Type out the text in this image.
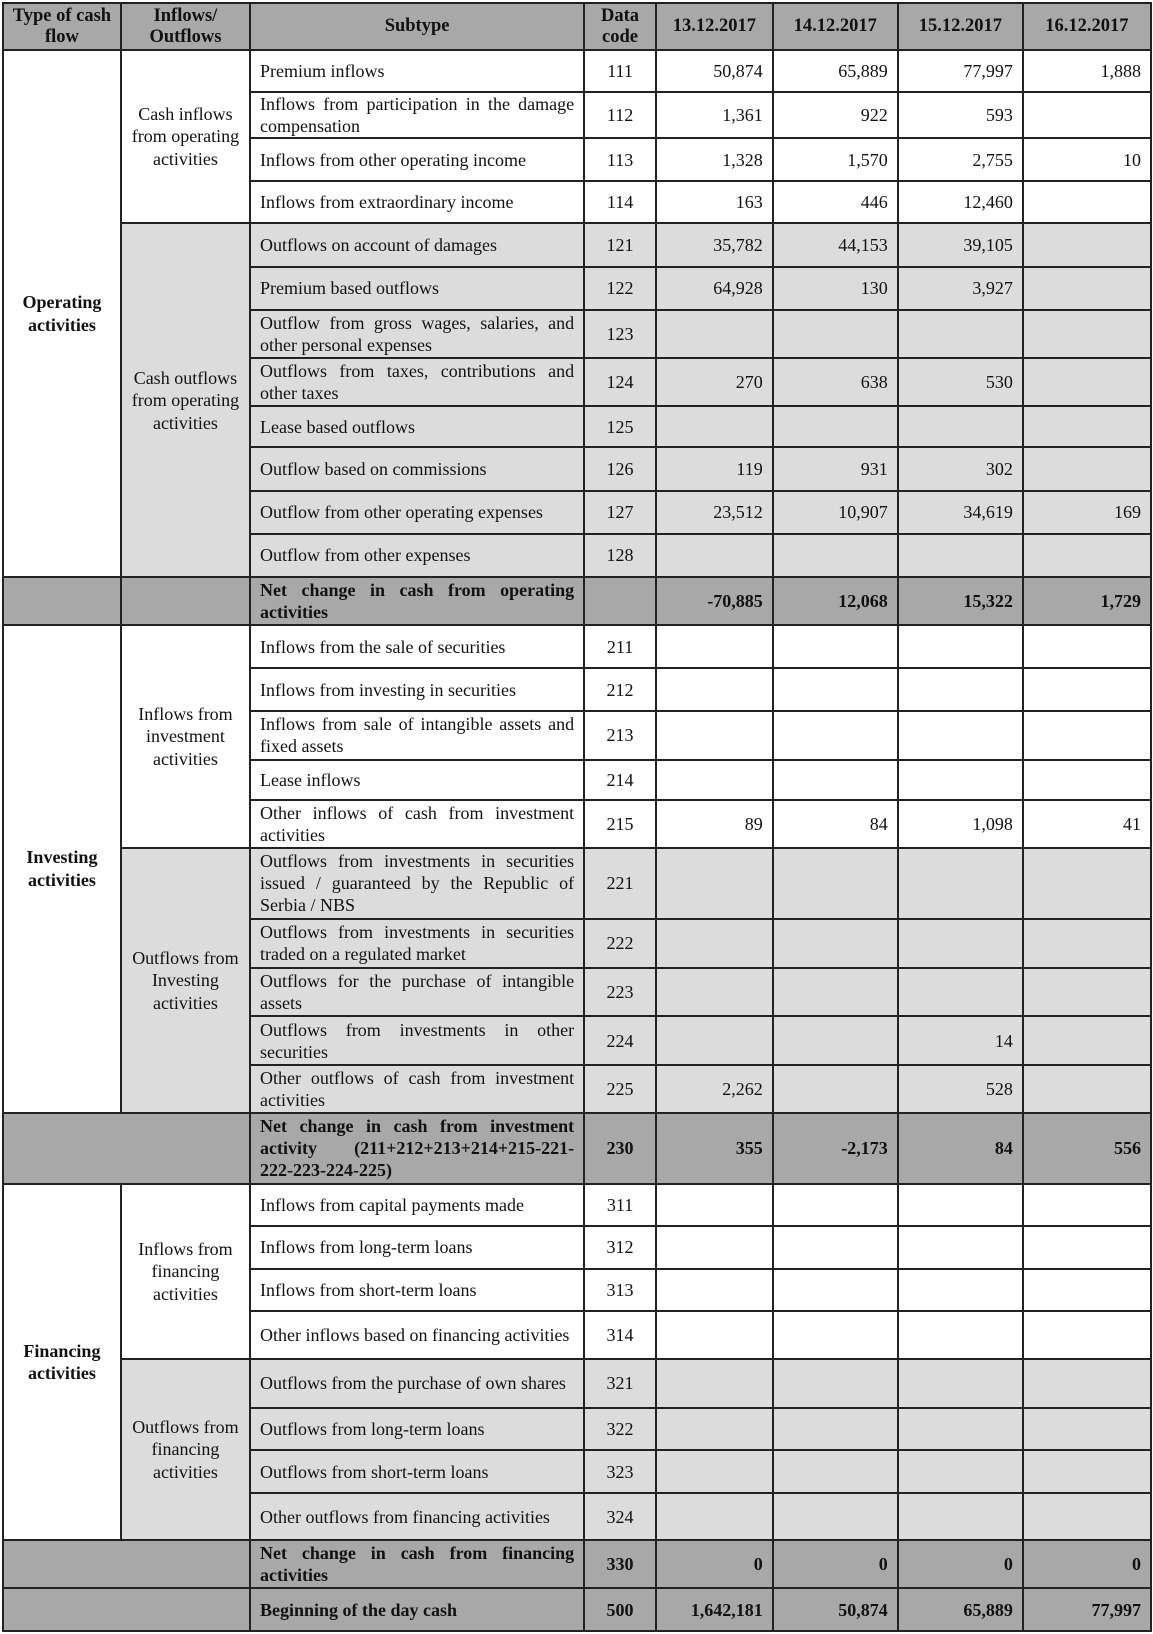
Type of cash flow	Inflows/ Outflows	Subtype	Data code	13.12.2017	14.12.2017	15.12.2017	16.12.2017
Operating activities	Cash inflows from operating activities	Premium inflows	111	50,874	65,889	77,997	1,888
		Inflows from participation in the damage compensation	112	1,361	922	593	
		Inflows from other operating income	113	1,328	1,570	2,755	10
		Inflows from extraordinary income	114	163	446	12,460	
	Cash outflows from operating activities	Outflows on account of damages	121	35,782	44,153	39,105	
		Premium based outflows	122	64,928	130	3,927	
		Outflow from gross wages, salaries, and other personal expenses	123				
		Outflows from taxes, contributions and other taxes	124	270	638	530	
		Lease based outflows	125				
		Outflow based on commissions	126	119	931	302	
		Outflow from other operating expenses	127	23,512	10,907	34,619	169
		Outflow from other expenses	128				
		Net change in cash from operating activities		-70,885	12,068	15,322	1,729
Investing activities	Inflows from investment activities	Inflows from the sale of securities	211				
		Inflows from investing in securities	212				
		Inflows from sale of intangible assets and fixed assets	213				
		Lease inflows	214				
		Other inflows of cash from investment activities	215	89	84	1,098	41
	Outflows from Investing activities	Outflows from investments in securities issued / guaranteed by the Republic of Serbia / NBS	221				
		Outflows from investments in securities traded on a regulated market	222				
		Outflows for the purchase of intangible assets	223				
		Outflows from investments in other securities	224			14	
		Other outflows of cash from investment activities	225	2,262		528	
		Net change in cash from investment activity (211+212+213+214+215-221-222-223-224-225)	230	355	-2,173	84	556
Financing activities	Inflows from financing activities	Inflows from capital payments made	311				
		Inflows from long-term loans	312				
		Inflows from short-term loans	313				
		Other inflows based on financing activities	314				
	Outflows from financing activities	Outflows from the purchase of own shares	321				
		Outflows from long-term loans	322				
		Outflows from short-term loans	323				
		Other outflows from financing activities	324				
		Net change in cash from financing activities	330	0	0	0	0
		Beginning of the day cash	500	1,642,181	50,874	65,889	77,997
